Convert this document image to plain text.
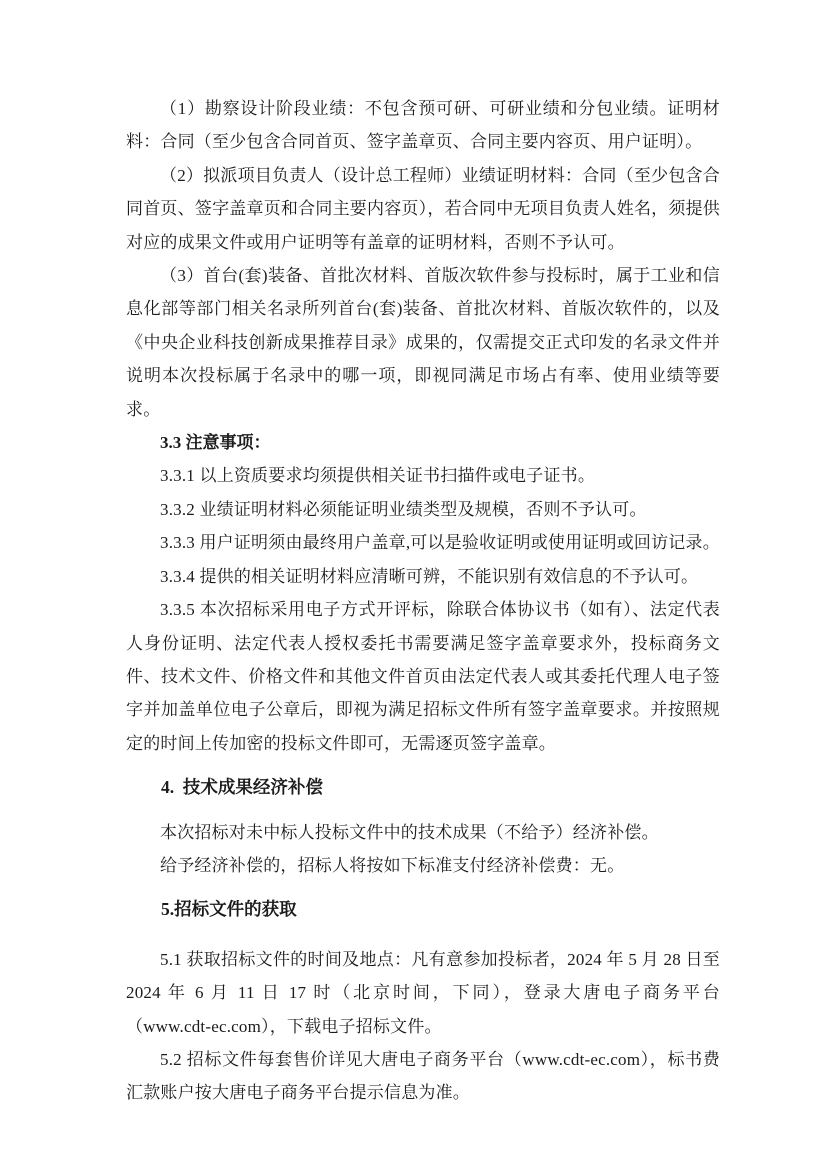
（1）勘察设计阶段业绩：不包含预可研、可研业绩和分包业绩。证明材料：合同（至少包含合同首页、签字盖章页、合同主要内容页、用户证明）。

（2）拟派项目负责人（设计总工程师）业绩证明材料：合同（至少包含合同首页、签字盖章页和合同主要内容页），若合同中无项目负责人姓名，须提供对应的成果文件或用户证明等有盖章的证明材料，否则不予认可。

（3）首台(套)装备、首批次材料、首版次软件参与投标时，属于工业和信息化部等部门相关名录所列首台(套)装备、首批次材料、首版次软件的，以及《中央企业科技创新成果推荐目录》成果的，仅需提交正式印发的名录文件并说明本次投标属于名录中的哪一项，即视同满足市场占有率、使用业绩等要求。

3.3 注意事项：

3.3.1 以上资质要求均须提供相关证书扫描件或电子证书。

3.3.2 业绩证明材料必须能证明业绩类型及规模，否则不予认可。

3.3.3 用户证明须由最终用户盖章,可以是验收证明或使用证明或回访记录。

3.3.4 提供的相关证明材料应清晰可辨，不能识别有效信息的不予认可。

3.3.5 本次招标采用电子方式开评标，除联合体协议书（如有）、法定代表人身份证明、法定代表人授权委托书需要满足签字盖章要求外，投标商务文件、技术文件、价格文件和其他文件首页由法定代表人或其委托代理人电子签字并加盖单位电子公章后，即视为满足招标文件所有签字盖章要求。并按照规定的时间上传加密的投标文件即可，无需逐页签字盖章。

4.  技术成果经济补偿

本次招标对未中标人投标文件中的技术成果（不给予）经济补偿。

给予经济补偿的，招标人将按如下标准支付经济补偿费：无。

5.招标文件的获取

5.1 获取招标文件的时间及地点：凡有意参加投标者，2024 年 5 月 28 日至 2024 年 6 月 11 日 17 时（北京时间，下同），登录大唐电子商务平台（www.cdt-ec.com），下载电子招标文件。

5.2 招标文件每套售价详见大唐电子商务平台（www.cdt-ec.com），标书费汇款账户按大唐电子商务平台提示信息为准。
